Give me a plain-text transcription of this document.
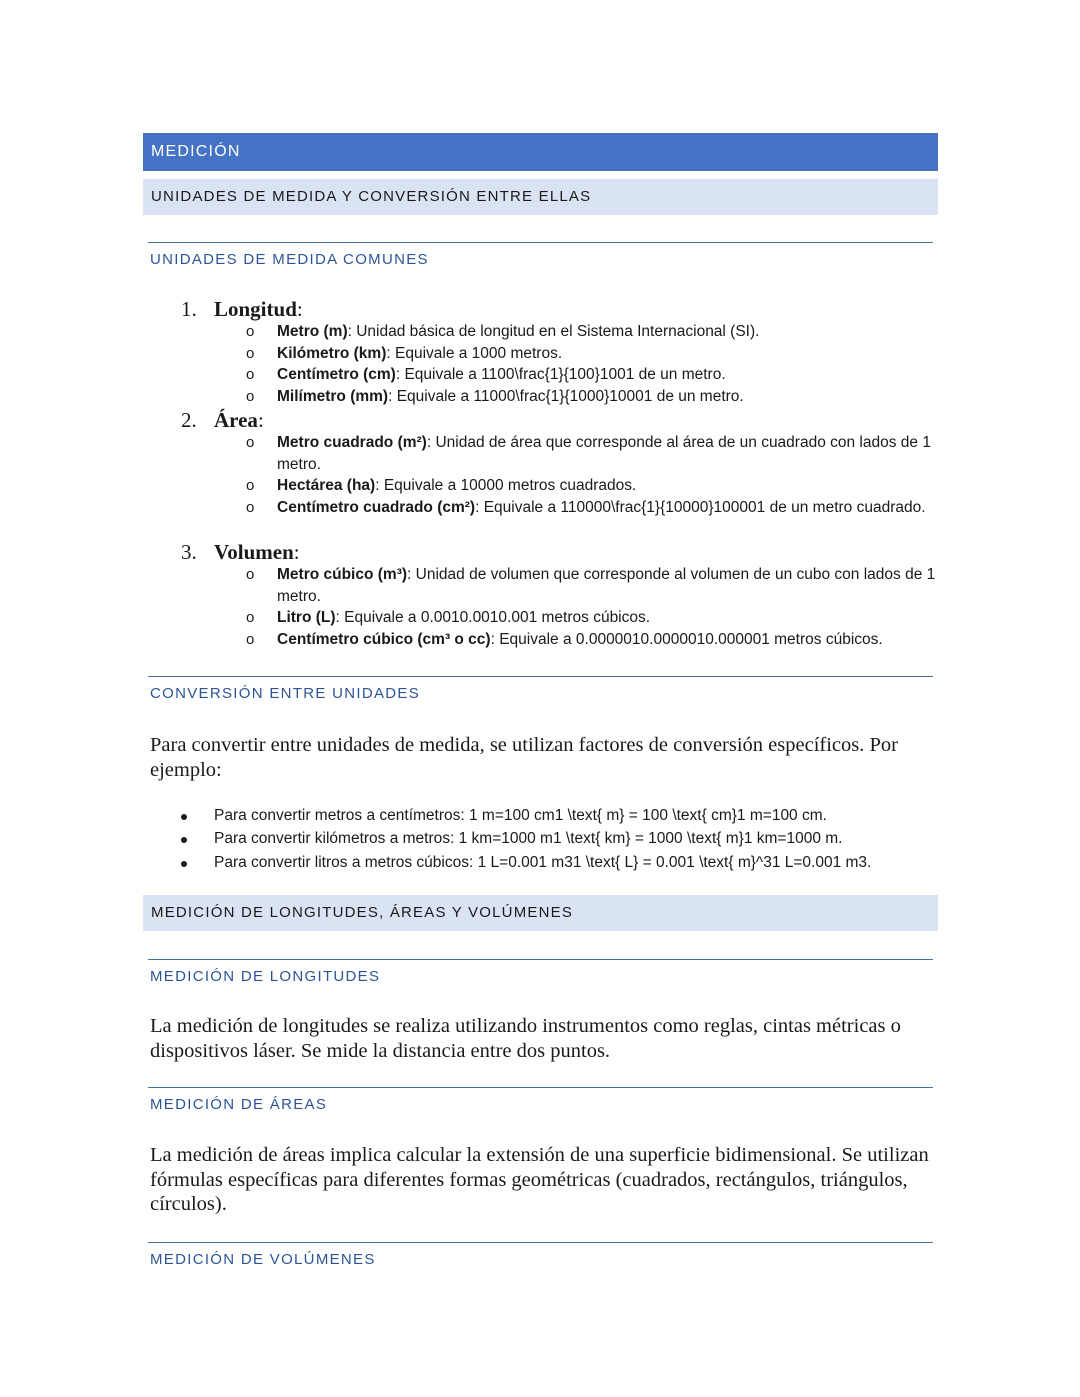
MEDICIÓN
UNIDADES DE MEDIDA Y CONVERSIÓN ENTRE ELLAS
UNIDADES DE MEDIDA COMUNES
1. Longitud:
o Metro (m): Unidad básica de longitud en el Sistema Internacional (SI).
o Kilómetro (km): Equivale a 1000 metros.
o Centímetro (cm): Equivale a 1100\frac{1}{100}1001 de un metro.
o Milímetro (mm): Equivale a 11000\frac{1}{1000}10001 de un metro.
2. Área:
o Metro cuadrado (m²): Unidad de área que corresponde al área de un cuadrado con lados de 1 metro.
o Hectárea (ha): Equivale a 10000 metros cuadrados.
o Centímetro cuadrado (cm²): Equivale a 110000\frac{1}{10000}100001 de un metro cuadrado.
3. Volumen:
o Metro cúbico (m³): Unidad de volumen que corresponde al volumen de un cubo con lados de 1 metro.
o Litro (L): Equivale a 0.0010.0010.001 metros cúbicos.
o Centímetro cúbico (cm³ o cc): Equivale a 0.0000010.0000010.000001 metros cúbicos.
CONVERSIÓN ENTRE UNIDADES
Para convertir entre unidades de medida, se utilizan factores de conversión específicos. Por ejemplo:
Para convertir metros a centímetros: 1 m=100 cm1 \text{ m} = 100 \text{ cm}1 m=100 cm.
Para convertir kilómetros a metros: 1 km=1000 m1 \text{ km} = 1000 \text{ m}1 km=1000 m.
Para convertir litros a metros cúbicos: 1 L=0.001 m31 \text{ L} = 0.001 \text{ m}^31 L=0.001 m3.
MEDICIÓN DE LONGITUDES, ÁREAS Y VOLÚMENES
MEDICIÓN DE LONGITUDES
La medición de longitudes se realiza utilizando instrumentos como reglas, cintas métricas o dispositivos láser. Se mide la distancia entre dos puntos.
MEDICIÓN DE ÁREAS
La medición de áreas implica calcular la extensión de una superficie bidimensional. Se utilizan fórmulas específicas para diferentes formas geométricas (cuadrados, rectángulos, triángulos, círculos).
MEDICIÓN DE VOLÚMENES
